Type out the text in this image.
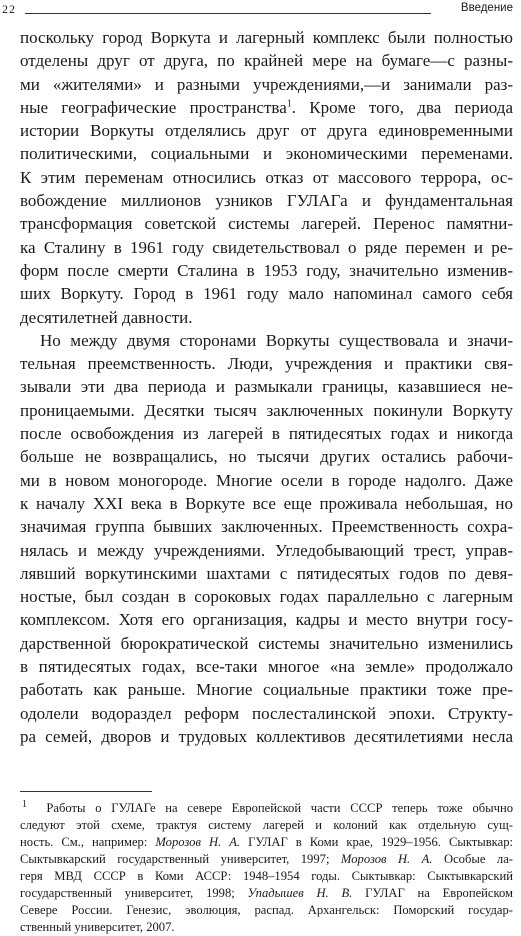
22	Введение
поскольку город Воркута и лагерный комплекс были полностью
отделены друг от друга, по крайней мере на бумаге—с разны-
ми «жителями» и разными учреждениями,—и занимали раз-
ные географические пространства$^1$. Кроме того, два периода
истории Воркуты отделялись друг от друга единовременными
политическими, социальными и экономическими переменами.
К этим переменам относились отказ от массового террора, ос-
вобождение миллионов узников ГУЛАГа и фундаментальная
трансформация советской системы лагерей. Перенос памятни-
ка Сталину в 1961 году свидетельствовал о ряде перемен и ре-
форм после смерти Сталина в 1953 году, значительно изменив-
ших Воркуту. Город в 1961 году мало напоминал самого себя
десятилетней давности.
Но между двумя сторонами Воркуты существовала и значи-
тельная преемственность. Люди, учреждения и практики свя-
зывали эти два периода и размыкали границы, казавшиеся не-
проницаемыми. Десятки тысяч заключенных покинули Воркуту
после освобождения из лагерей в пятидесятых годах и никогда
больше не возвращались, но тысячи других остались рабочи-
ми в новом моногороде. Многие осели в городе надолго. Даже
к началу XXI века в Воркуте все еще проживала небольшая, но
значимая группа бывших заключенных. Преемственность сохра-
нялась и между учреждениями. Угледобывающий трест, управ-
лявший воркутинскими шахтами с пятидесятых годов по девя-
ностые, был создан в сороковых годах параллельно с лагерным
комплексом. Хотя его организация, кадры и место внутри госу-
дарственной бюрократической системы значительно изменились
в пятидесятых годах, все-таки многое «на земле» продолжало
работать как раньше. Многие социальные практики тоже пре-
одолели водораздел реформ послесталинской эпохи. Структу-
ра семей, дворов и трудовых коллективов десятилетиями несла
$^1$ Работы о ГУЛАГе на севере Европейской части СССР теперь тоже обычно
следуют этой схеме, трактуя систему лагерей и колоний как отдельную сущ-
ность. См., например: Морозов Н. А. ГУЛАГ в Коми крае, 1929–1956. Сыктывкар:
Сыктывкарский государственный университет, 1997; Морозов Н. А. Особые ла-
геря МВД СССР в Коми АССР: 1948–1954 годы. Сыктывкар: Сыктывкарский
государственный университет, 1998; Упадышев Н. В. ГУЛАГ на Европейском
Севере России. Генезис, эволюция, распад. Архангельск: Поморский государ-
ственный университет, 2007.
